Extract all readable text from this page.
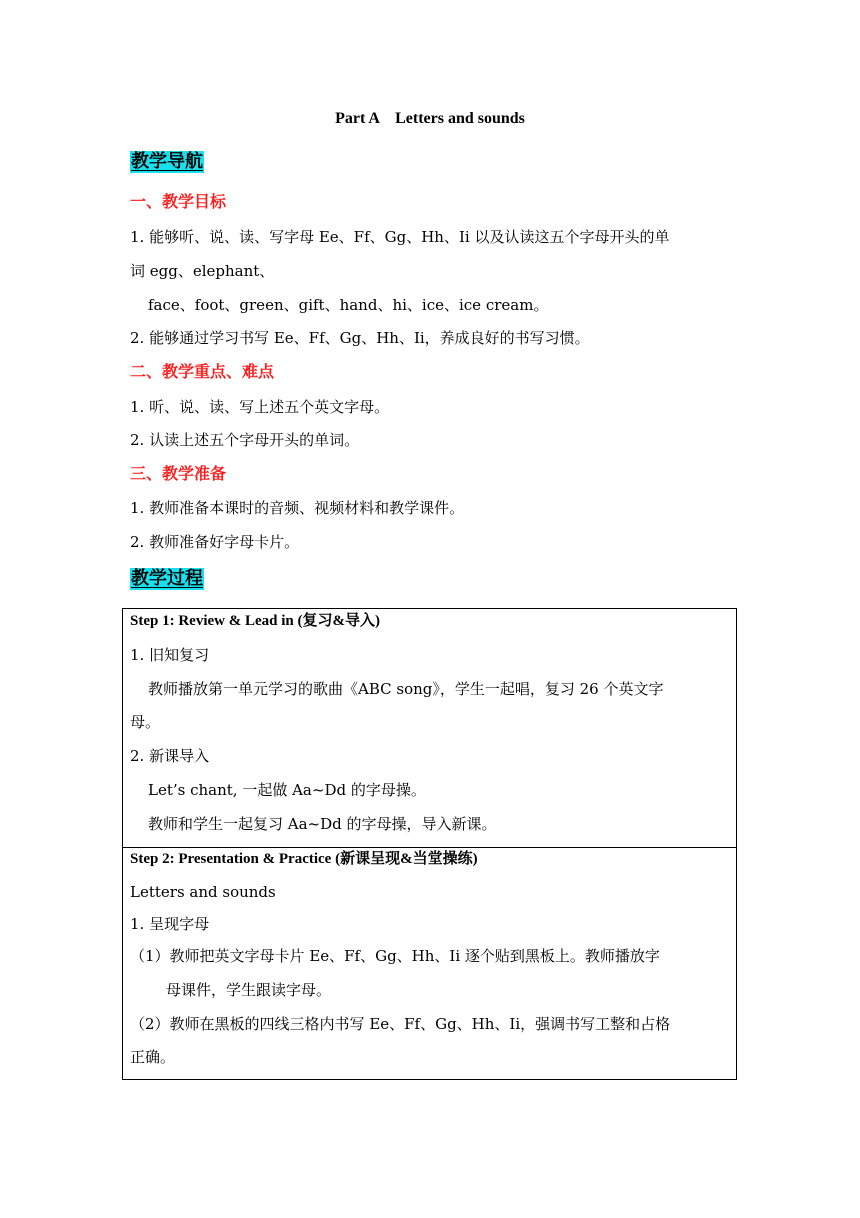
Part A　Letters and sounds
教学导航
一、教学目标
1. 能够听、说、读、写字母 Ee、Ff、Gg、Hh、Ii 以及认读这五个字母开头的单
词 egg、elephant、
face、foot、green、gift、hand、hi、ice、ice cream。
2. 能够通过学习书写 Ee、Ff、Gg、Hh、Ii，养成良好的书写习惯。
二、教学重点、难点
1. 听、说、读、写上述五个英文字母。
2. 认读上述五个字母开头的单词。
三、教学准备
1. 教师准备本课时的音频、视频材料和教学课件。
2. 教师准备好字母卡片。
教学过程
Step 1: Review & Lead in (复习&导入)
1. 旧知复习
教师播放第一单元学习的歌曲《ABC song》，学生一起唱，复习 26 个英文字
母。
2. 新课导入
Let’s chant, 一起做 Aa~Dd 的字母操。
教师和学生一起复习 Aa~Dd 的字母操，导入新课。
Step 2: Presentation & Practice (新课呈现&当堂操练)
Letters and sounds
1. 呈现字母
（1）教师把英文字母卡片 Ee、Ff、Gg、Hh、Ii 逐个贴到黑板上。教师播放字
母课件，学生跟读字母。
（2）教师在黑板的四线三格内书写 Ee、Ff、Gg、Hh、Ii，强调书写工整和占格
正确。
